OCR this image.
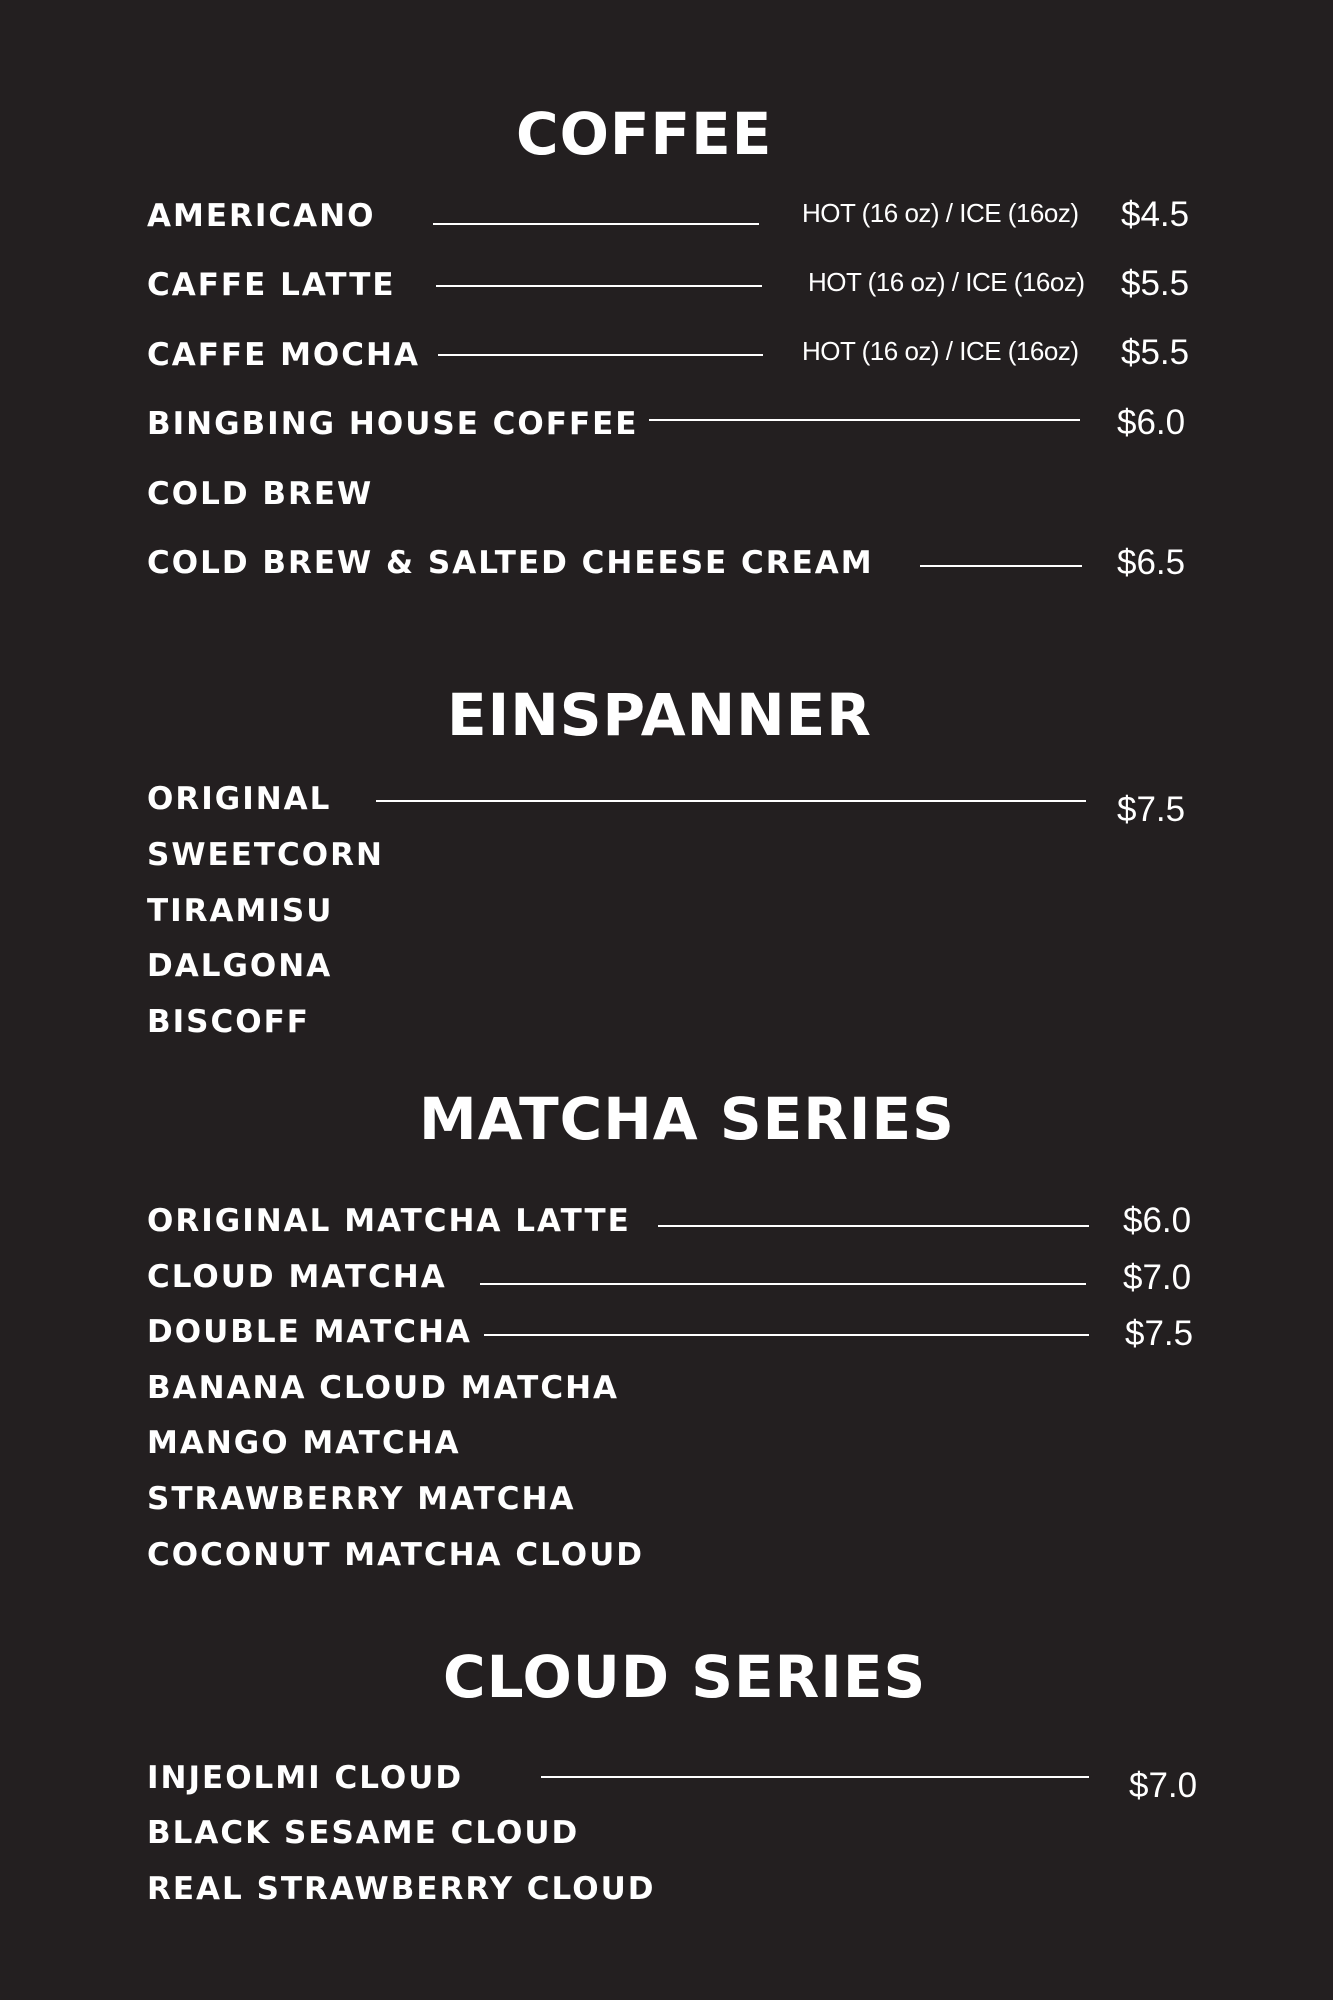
COFFEE
AMERICANO	HOT (16 oz) / ICE (16oz) $4.5
CAFFE LATTE	HOT (16 oz) / ICE (16oz) $5.5
CAFFE MOCHA	HOT (16 oz) / ICE (16oz) $5.5
BINGBING HOUSE COFFEE	$6.0
COLD BREW
COLD BREW & SALTED CHEESE CREAM	$6.5
EINSPANNER
ORIGINAL	$7.5
SWEETCORN
TIRAMISU
DALGONA
BISCOFF
MATCHA SERIES
ORIGINAL MATCHA LATTE	$6.0
CLOUD MATCHA	$7.0
DOUBLE MATCHA	$7.5
BANANA CLOUD MATCHA
MANGO MATCHA
STRAWBERRY MATCHA
COCONUT MATCHA CLOUD
CLOUD SERIES
INJEOLMI CLOUD	$7.0
BLACK SESAME CLOUD
REAL STRAWBERRY CLOUD
